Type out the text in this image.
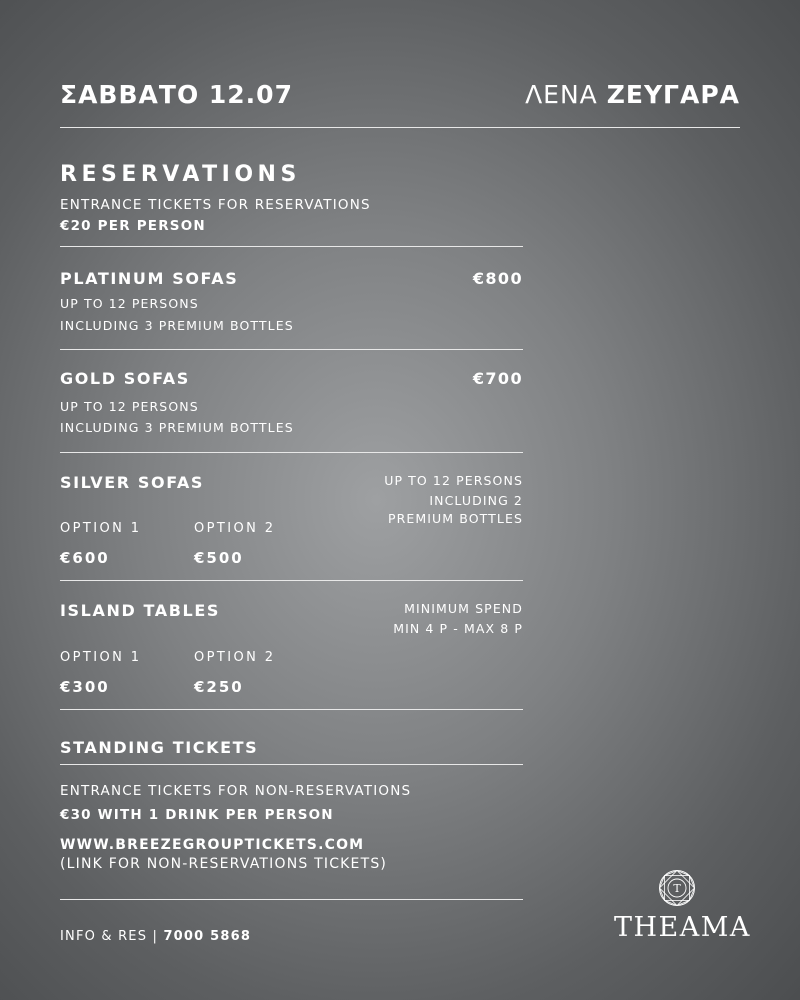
ΣΑΒΒΑΤΟ 12.07	ΛΕΝΑ ΖΕΥΓΑΡΑ
RESERVATIONS
ENTRANCE TICKETS FOR RESERVATIONS
€20 PER PERSON
PLATINUM SOFAS	€800
UP TO 12 PERSONS
INCLUDING 3 PREMIUM BOTTLES
GOLD SOFAS	€700
UP TO 12 PERSONS
INCLUDING 3 PREMIUM BOTTLES
SILVER SOFAS	UP TO 12 PERSONS
INCLUDING 2
PREMIUM BOTTLES
OPTION 1	OPTION 2
€600	€500
ISLAND TABLES	MINIMUM SPEND
MIN 4 P - MAX 8 P
OPTION 1	OPTION 2
€300	€250
STANDING TICKETS
ENTRANCE TICKETS FOR NON-RESERVATIONS
€30 WITH 1 DRINK PER PERSON
WWW.BREEZEGROUPTICKETS.COM
(LINK FOR NON-RESERVATIONS TICKETS)
INFO & RES | 7000 5868
T
THEAMA
